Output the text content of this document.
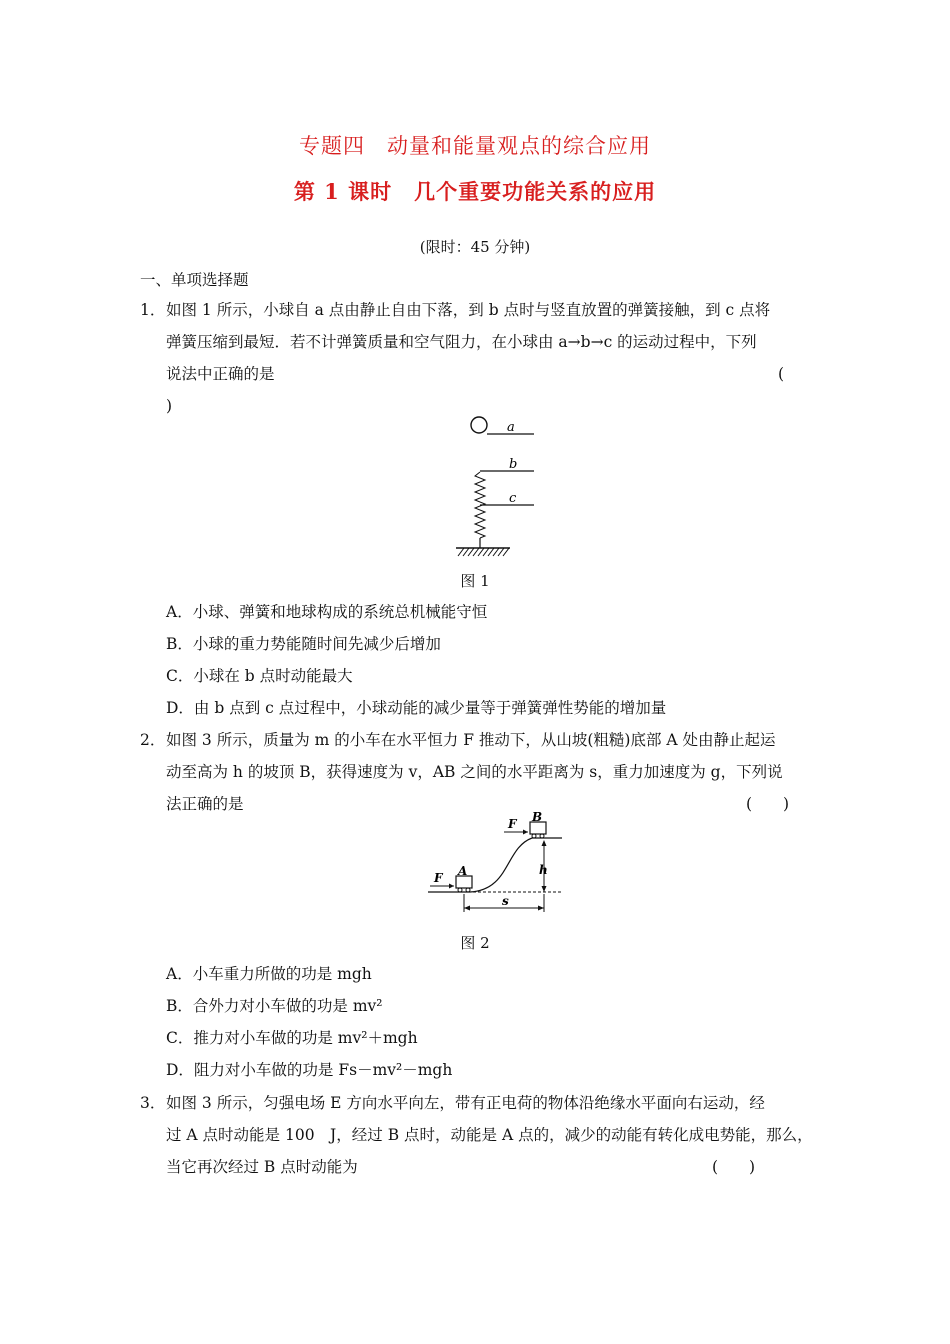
专题四　动量和能量观点的综合应用
第 1 课时　几个重要功能关系的应用
(限时：45 分钟)
一、单项选择题
1． 如图 1 所示，小球自 a 点由静止自由下落，到 b 点时与竖直放置的弹簧接触，到 c 点将
弹簧压缩到最短．若不计弹簧质量和空气阻力，在小球由 a→b→c 的运动过程中，下列
说法中正确的是	(
)
a
b
c
图 1
A．小球、弹簧和地球构成的系统总机械能守恒
B．小球的重力势能随时间先减少后增加
C．小球在 b 点时动能最大
D．由 b 点到 c 点过程中，小球动能的减少量等于弹簧弹性势能的增加量
2． 如图 3 所示，质量为 m 的小车在水平恒力 F 推动下，从山坡(粗糙)底部 A 处由静止起运
动至高为 h 的坡顶 B，获得速度为 v，AB 之间的水平距离为 s，重力加速度为 g，下列说
法正确的是	(　　)
A
F
B
F
h
s
图 2
A．小车重力所做的功是 mgh
B．合外力对小车做的功是 mv²
C．推力对小车做的功是 mv²＋mgh
D．阻力对小车做的功是 Fs－mv²－mgh
3． 如图 3 所示，匀强电场 E 方向水平向左，带有正电荷的物体沿绝缘水平面向右运动，经
过 A 点时动能是 100　J，经过 B 点时，动能是 A 点的，减少的动能有转化成电势能，那么，
当它再次经过 B 点时动能为	(　　)
